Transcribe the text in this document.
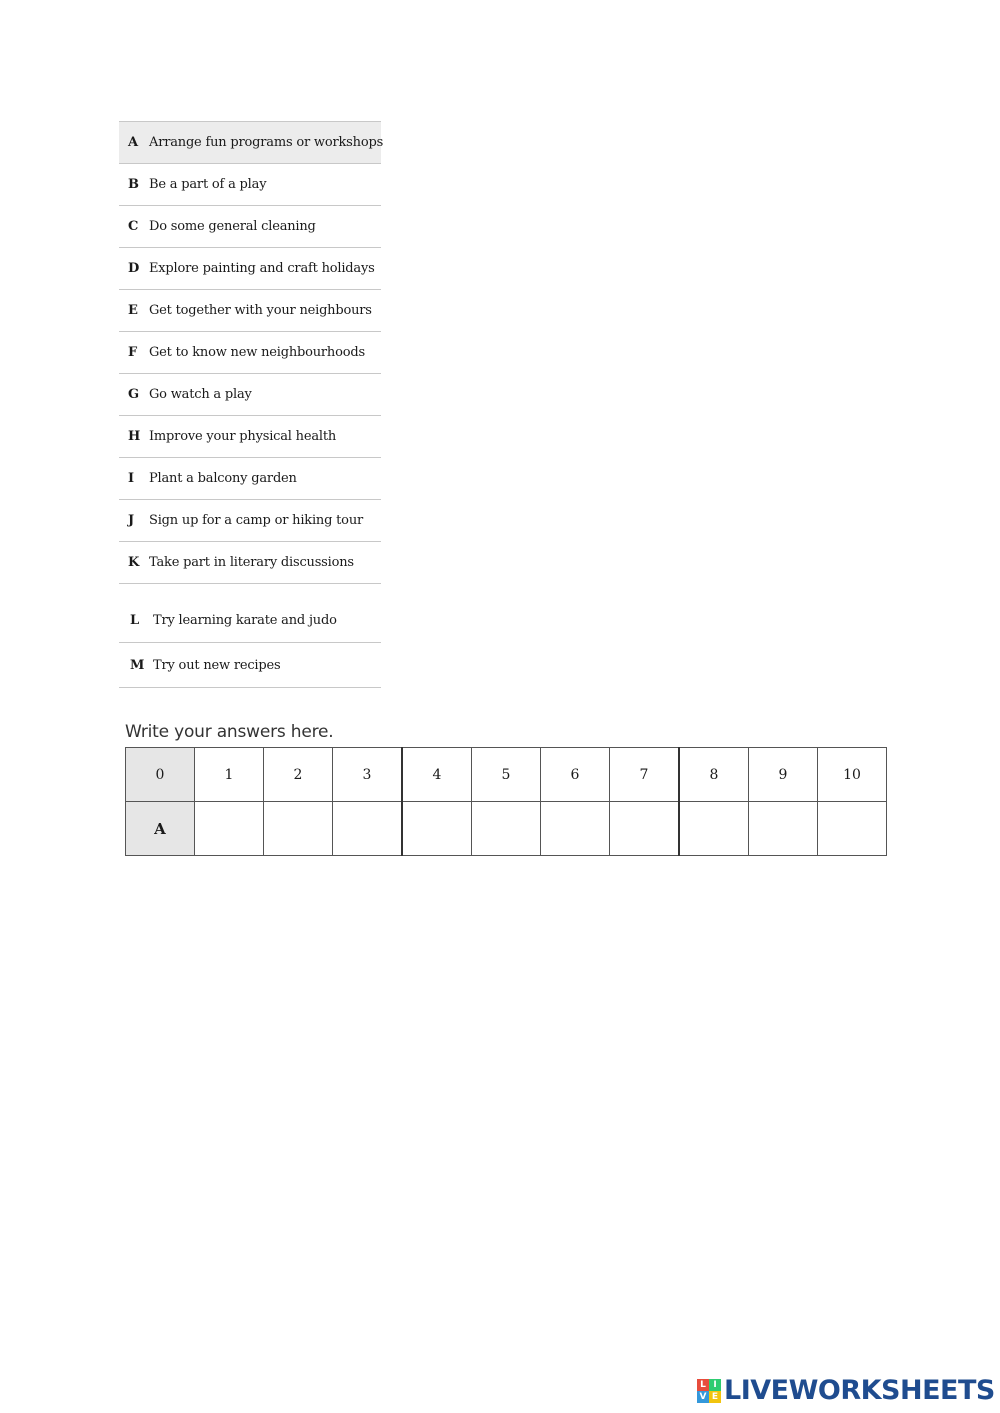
A Arrange fun programs or workshops
B Be a part of a play
C Do some general cleaning
D Explore painting and craft holidays
E Get together with your neighbours
F Get to know new neighbourhoods
G Go watch a play
H Improve your physical health
I	Plant a balcony garden
J	Sign up for a camp or hiking tour
K Take part in literary discussions
L	Try learning karate and judo
M Try out new recipes
Write your answers here.
0	1	2	3	4	5	6	7	8	9	10
A										
L I
V E LIVEWORKSHEETS
